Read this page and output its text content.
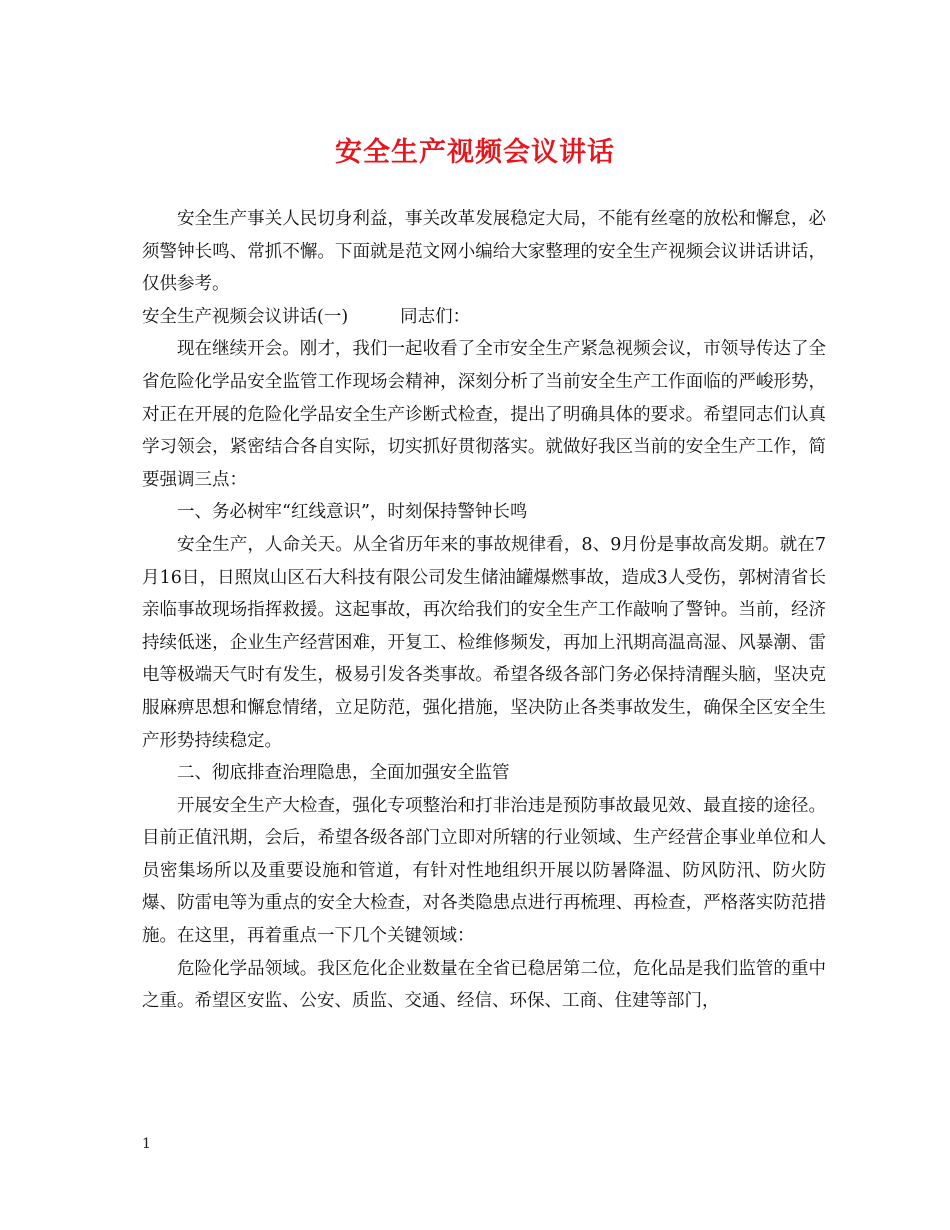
安全生产视频会议讲话

安全生产事关人民切身利益，事关改革发展稳定大局，不能有丝毫的放松和懈怠，必须警钟长鸣、常抓不懈。下面就是范文网小编给大家整理的安全生产视频会议讲话讲话，仅供参考。

安全生产视频会议讲话(一)	同志们：

现在继续开会。刚才，我们一起收看了全市安全生产紧急视频会议，市领导传达了全省危险化学品安全监管工作现场会精神，深刻分析了当前安全生产工作面临的严峻形势，对正在开展的危险化学品安全生产诊断式检查，提出了明确具体的要求。希望同志们认真学习领会，紧密结合各自实际，切实抓好贯彻落实。就做好我区当前的安全生产工作，简要强调三点：

一、务必树牢“红线意识”，时刻保持警钟长鸣

安全生产，人命关天。从全省历年来的事故规律看，8、9月份是事故高发期。就在7月16日，日照岚山区石大科技有限公司发生储油罐爆燃事故，造成3人受伤，郭树清省长亲临事故现场指挥救援。这起事故，再次给我们的安全生产工作敲响了警钟。当前，经济持续低迷，企业生产经营困难，开复工、检维修频发，再加上汛期高温高湿、风暴潮、雷电等极端天气时有发生，极易引发各类事故。希望各级各部门务必保持清醒头脑，坚决克服麻痹思想和懈怠情绪，立足防范，强化措施，坚决防止各类事故发生，确保全区安全生产形势持续稳定。

二、彻底排查治理隐患，全面加强安全监管

开展安全生产大检查，强化专项整治和打非治违是预防事故最见效、最直接的途径。目前正值汛期，会后，希望各级各部门立即对所辖的行业领域、生产经营企事业单位和人员密集场所以及重要设施和管道，有针对性地组织开展以防暑降温、防风防汛、防火防爆、防雷电等为重点的安全大检查，对各类隐患点进行再梳理、再检查，严格落实防范措施。在这里，再着重点一下几个关键领域：

危险化学品领域。我区危化企业数量在全省已稳居第二位，危化品是我们监管的重中之重。希望区安监、公安、质监、交通、经信、环保、工商、住建等部门，

1
